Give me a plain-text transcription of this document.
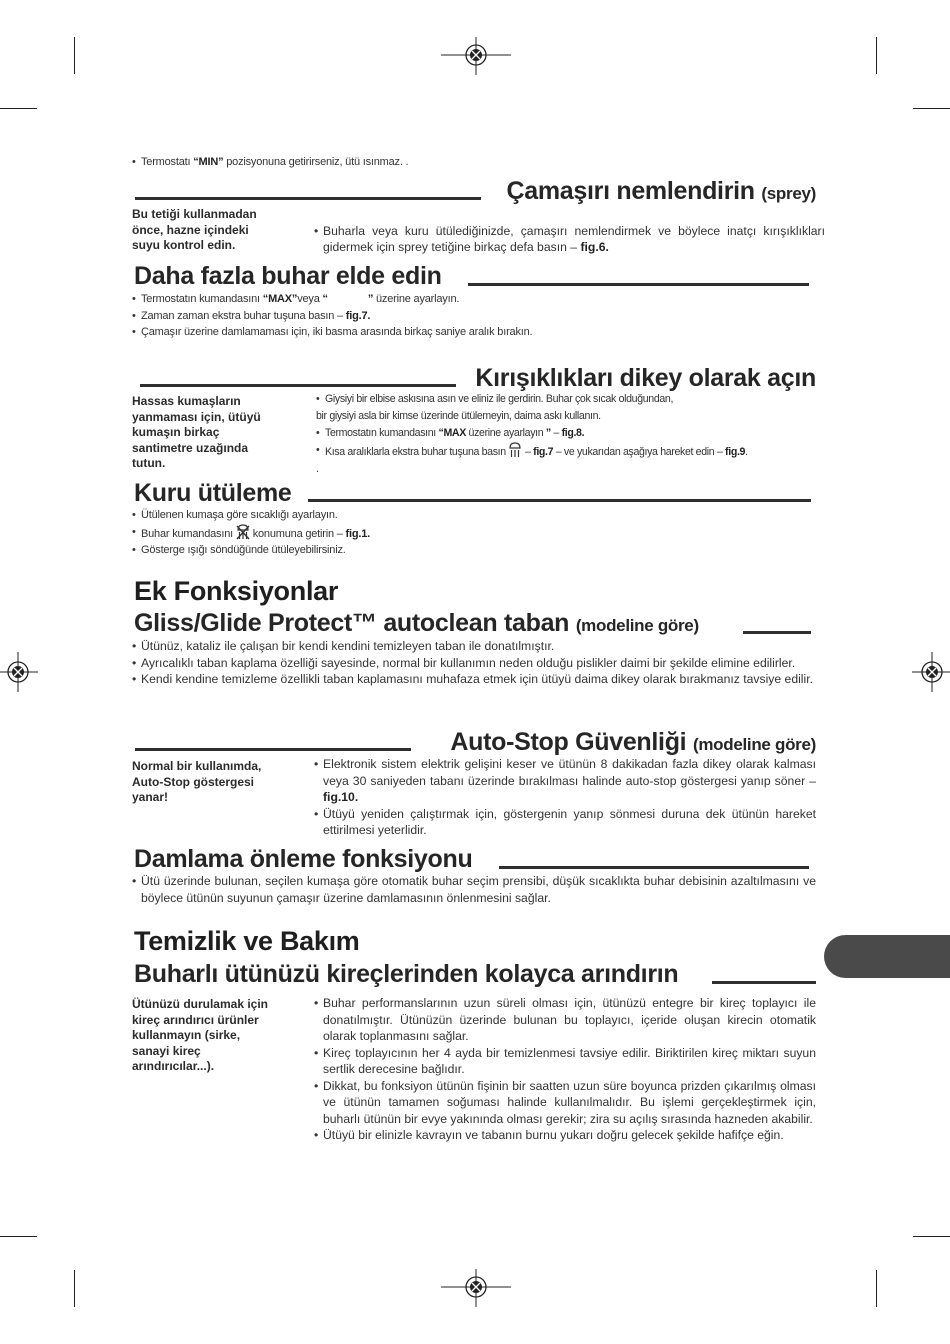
• Termostatı “MIN” pozisyonuna getirirseniz, ütü ısınmaz. .
Çamaşırı nemlendirin (sprey)
Bu tetiği kullanmadan
önce, hazne içindeki
suyu kontrol edin.
• Buharla veya kuru ütülediğinizde, çamaşırı nemlendirmek ve böylece inatçı kırışıklıkları gidermek için sprey tetiğine birkaç defa basın – fig.6.
Daha fazla buhar elde edin
• Termostatın kumandasını “MAX”veya “	” üzerine ayarlayın.
• Zaman zaman ekstra buhar tuşuna basın – fig.7.
• Çamaşır üzerine damlamaması için, iki basma arasında birkaç saniye aralık bırakın.
Kırışıklıkları dikey olarak açın
Hassas kumaşların
yanmaması için, ütüyü
kumaşın birkaç
santimetre uzağında
tutun.
• Giysiyi bir elbise askısına asın ve eliniz ile gerdirin. Buhar çok sıcak olduğundan,
bir giysiyi asla bir kimse üzerinde ütülemeyin, daima askı kullanın.
• Termostatın kumandasını “MAX üzerine ayarlayın ” – fig.8.
• Kısa aralıklarla ekstra buhar tuşuna basın  – fig.7 – ve yukarıdan aşağıya hareket edin – fig.9.
.
Kuru ütüleme
• Ütülenen kumaşa göre sıcaklığı ayarlayın.
• Buhar kumandasını  konumuna getirin – fig.1.
• Gösterge ışığı söndüğünde ütüleyebilirsiniz.
Ek Fonksiyonlar
Gliss/Glide Protect™ autoclean taban (modeline göre)
• Ütünüz, kataliz ile çalışan bir kendi kendini temizleyen taban ile donatılmıştır.
• Ayrıcalıklı taban kaplama özelliği sayesinde, normal bir kullanımın neden olduğu pislikler daimi bir şekilde elimine edilirler.
• Kendi kendine temizleme özellikli taban kaplamasını muhafaza etmek için ütüyü daima dikey olarak bırakmanız tavsiye edilir.
Auto-Stop Güvenliği (modeline göre)
Normal bir kullanımda,
Auto-Stop göstergesi
yanar!
• Elektronik sistem elektrik gelişini keser ve ütünün 8 dakikadan fazla dikey olarak kalması veya 30 saniyeden tabanı üzerinde bırakılması halinde auto-stop göstergesi yanıp söner – fig.10.
• Ütüyü yeniden çalıştırmak için, göstergenin yanıp sönmesi duruna dek ütünün hareket ettirilmesi yeterlidir.
Damlama önleme fonksiyonu
• Ütü üzerinde bulunan, seçilen kumaşa göre otomatik buhar seçim prensibi, düşük sıcaklıkta buhar debisinin azaltılmasını ve böylece ütünün suyunun çamaşır üzerine damlamasının önlenmesini sağlar.
Temizlik ve Bakım
Buharlı ütünüzü kireçlerinden kolayca arındırın
Ütünüzü durulamak için
kireç arındırıcı ürünler
kullanmayın (sirke,
sanayi kireç
arındırıcılar...).
• Buhar performanslarının uzun süreli olması için, ütünüzü entegre bir kireç toplayıcı ile donatılmıştır. Ütünüzün üzerinde bulunan bu toplayıcı, içeride oluşan kirecin otomatik olarak toplanmasını sağlar.
• Kireç toplayıcının her 4 ayda bir temizlenmesi tavsiye edilir. Biriktirilen kireç miktarı suyun sertlik derecesine bağlıdır.
• Dikkat, bu fonksiyon ütünün fişinin bir saatten uzun süre boyunca prizden çıkarılmış olması ve ütünün tamamen soğuması halinde kullanılmalıdır. Bu işlemi gerçekleştirmek için, buharlı ütünün bir evye yakınında olması gerekir; zira su açılış sırasında hazneden akabilir.
• Ütüyü bir elinizle kavrayın ve tabanın burnu yukarı doğru gelecek şekilde hafifçe eğin.
